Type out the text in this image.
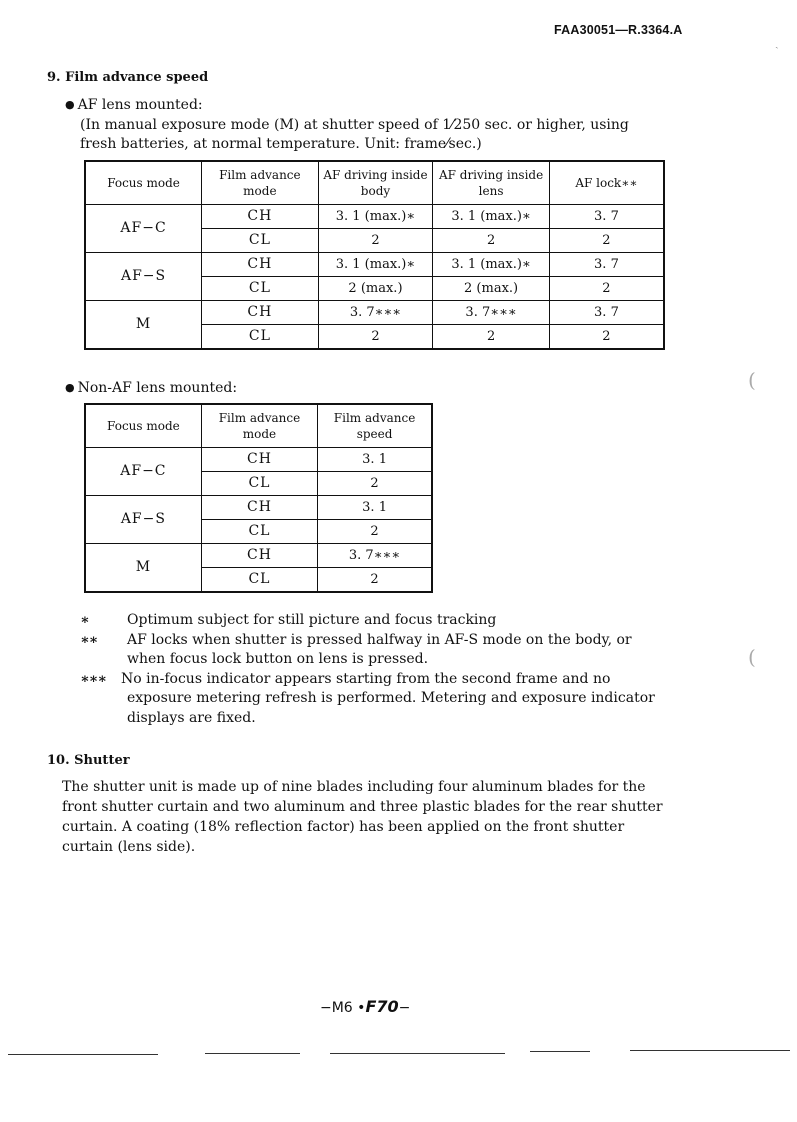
FAA30051—R.3364.A
ˎ
(
(
9. Film advance speed
● AF lens mounted:
(In manual exposure mode (M) at shutter speed of 1⁄250 sec. or higher, using
fresh batteries, at normal temperature. Unit: frame⁄sec.)
Focus mode	Film advance mode	AF driving inside body	AF driving inside lens	AF lock∗∗
AF−C	CH	3. 1 (max.)∗	3. 1 (max.)∗	3. 7
	CL	2	2	2
AF−S	CH	3. 1 (max.)∗	3. 1 (max.)∗	3. 7
	CL	2 (max.)	2 (max.)	2
M	CH	3. 7∗∗∗	3. 7∗∗∗	3. 7
	CL	2	2	2
● Non-AF lens mounted:
Focus mode	Film advance mode	Film advance speed
AF−C	CH	3. 1
	CL	2
AF−S	CH	3. 1
	CL	2
M	CH	3. 7∗∗∗
	CL	2
∗	Optimum subject for still picture and focus tracking
∗∗ AF locks when shutter is pressed halfway in AF-S mode on the body, or
when focus lock button on lens is pressed.
∗∗∗ No in-focus indicator appears starting from the second frame and no
exposure metering refresh is performed. Metering and exposure indicator
displays are fixed.
10. Shutter
The shutter unit is made up of nine blades including four aluminum blades for the
front shutter curtain and two aluminum and three plastic blades for the rear shutter
curtain. A coating (18% reflection factor) has been applied on the front shutter
curtain (lens side).
−M6 •F70−
